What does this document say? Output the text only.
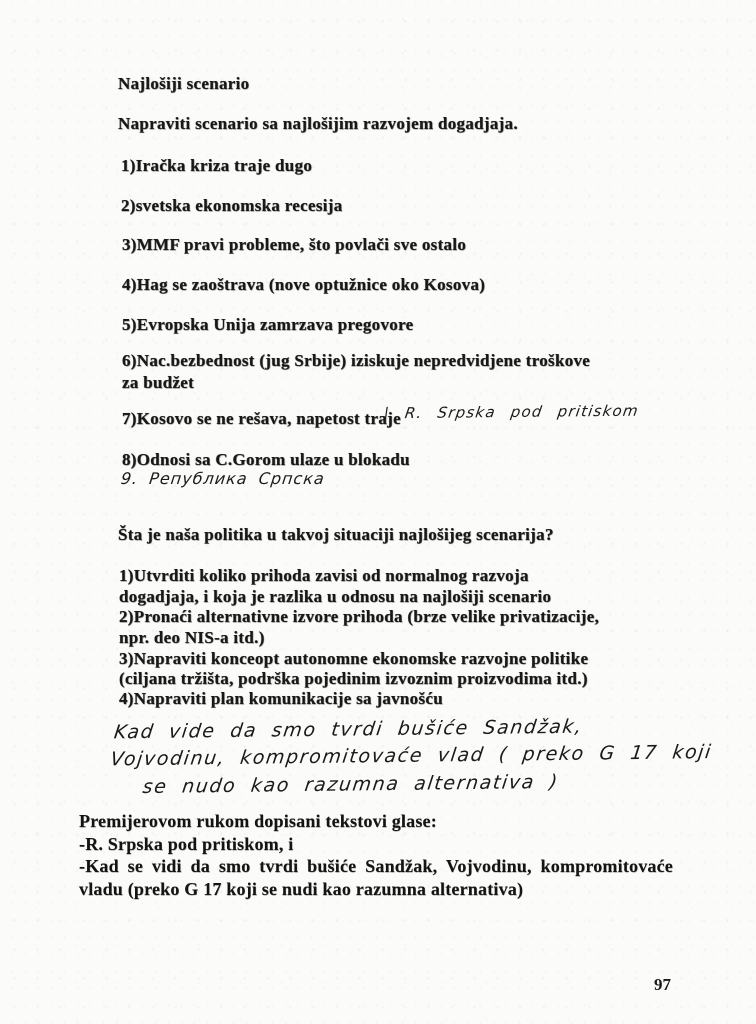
Najlošiji scenario
Napraviti scenario sa najlošijim razvojem dogadjaja.
1)Iračka kriza traje dugo
2)svetska ekonomska recesija
3)MMF pravi probleme, što povlači sve ostalo
4)Hag se zaoštrava (nove optužnice oko Kosova)
5)Evropska Unija zamrzava pregovore
6)Nac.bezbednost (jug Srbije) iziskuje nepredvidjene troškove
za budžet
7)Kosovo se ne rešava, napetost traje
8)Odnosi sa C.Gorom ulaze u blokadu
| R. Srpska pod pritiskom
9. Република Српска
Šta je naša politika u takvoj situaciji najlošijeg scenarija?
1)Utvrditi koliko prihoda zavisi od normalnog razvoja
dogadjaja, i koja je razlika u odnosu na najlošiji scenario
2)Pronaći alternativne izvore prihoda (brze velike privatizacije,
npr. deo NIS-a itd.)
3)Napraviti konceopt autonomne ekonomske razvojne politike
(ciljana tržišta, podrška pojedinim izvoznim proizvodima itd.)
4)Napraviti plan komunikacije sa javnošću
Kad vide da smo tvrdi bušiće Sandžak,
Vojvodinu, kompromitovaće vlad ( preko G 17 koji
se nudo kao razumna alternativa )
Premijerovom rukom dopisani tekstovi glase:
-R. Srpska pod pritiskom, i
-Kad se vidi da smo tvrdi bušiće Sandžak, Vojvodinu, kompromitovaće
vladu (preko G 17 koji se nudi kao razumna alternativa)
97
